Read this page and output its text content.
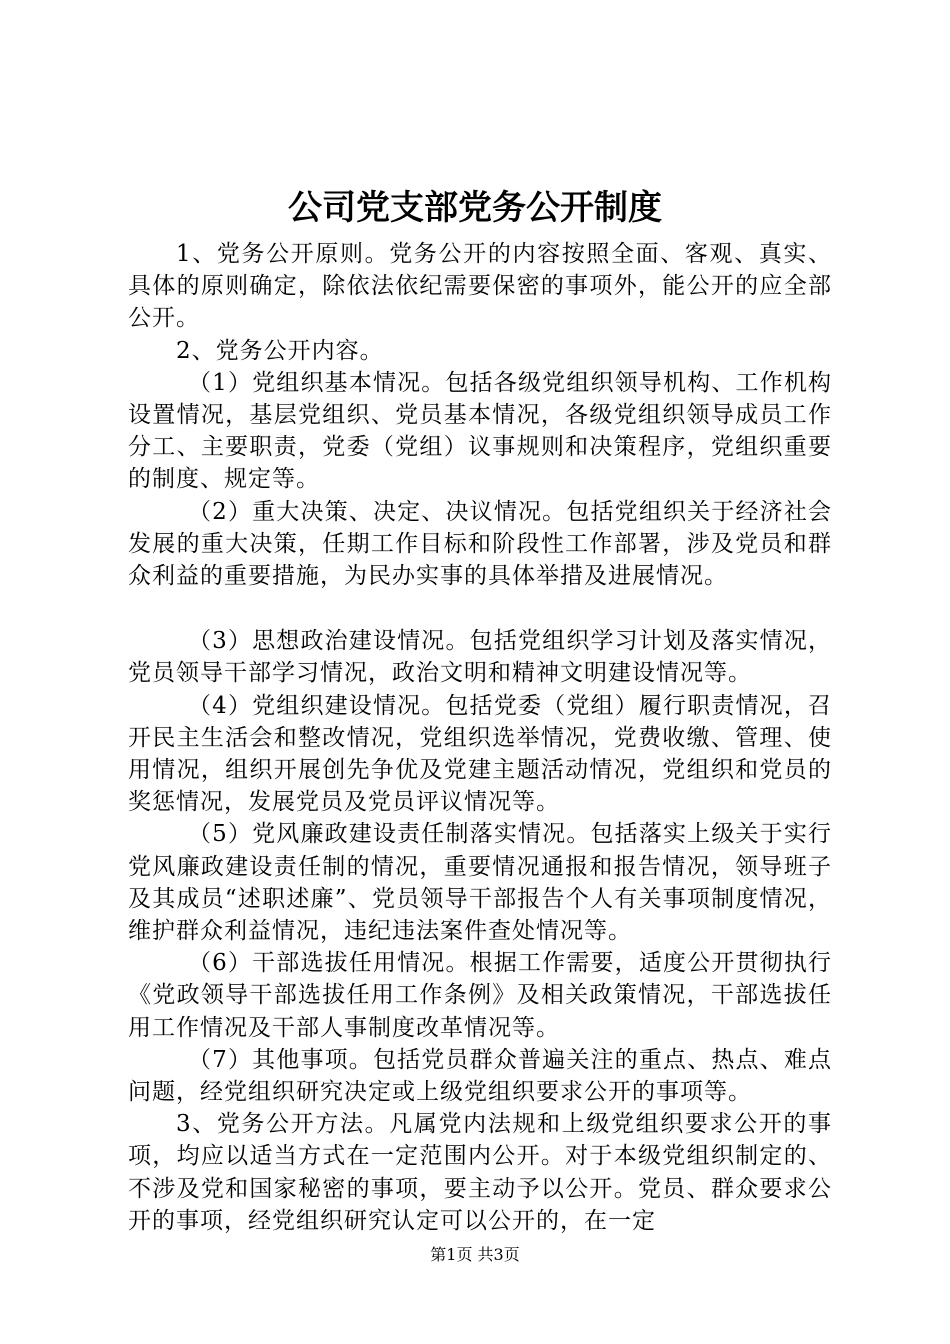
公司党支部党务公开制度

1、党务公开原则。党务公开的内容按照全面、客观、真实、具体的原则确定，除依法依纪需要保密的事项外，能公开的应全部公开。

2、党务公开内容。

（1）党组织基本情况。包括各级党组织领导机构、工作机构设置情况，基层党组织、党员基本情况，各级党组织领导成员工作分工、主要职责，党委（党组）议事规则和决策程序，党组织重要的制度、规定等。

（2）重大决策、决定、决议情况。包括党组织关于经济社会发展的重大决策，任期工作目标和阶段性工作部署，涉及党员和群众利益的重要措施，为民办实事的具体举措及进展情况。

（3）思想政治建设情况。包括党组织学习计划及落实情况，党员领导干部学习情况，政治文明和精神文明建设情况等。

（4）党组织建设情况。包括党委（党组）履行职责情况，召开民主生活会和整改情况，党组织选举情况，党费收缴、管理、使用情况，组织开展创先争优及党建主题活动情况，党组织和党员的奖惩情况，发展党员及党员评议情况等。

（5）党风廉政建设责任制落实情况。包括落实上级关于实行党风廉政建设责任制的情况，重要情况通报和报告情况，领导班子及其成员“述职述廉”、党员领导干部报告个人有关事项制度情况，维护群众利益情况，违纪违法案件查处情况等。

（6）干部选拔任用情况。根据工作需要，适度公开贯彻执行《党政领导干部选拔任用工作条例》及相关政策情况，干部选拔任用工作情况及干部人事制度改革情况等。

（7）其他事项。包括党员群众普遍关注的重点、热点、难点问题，经党组织研究决定或上级党组织要求公开的事项等。

3、党务公开方法。凡属党内法规和上级党组织要求公开的事项，均应以适当方式在一定范围内公开。对于本级党组织制定的、不涉及党和国家秘密的事项，要主动予以公开。党员、群众要求公开的事项，经党组织研究认定可以公开的，在一定

第1页 共3页
